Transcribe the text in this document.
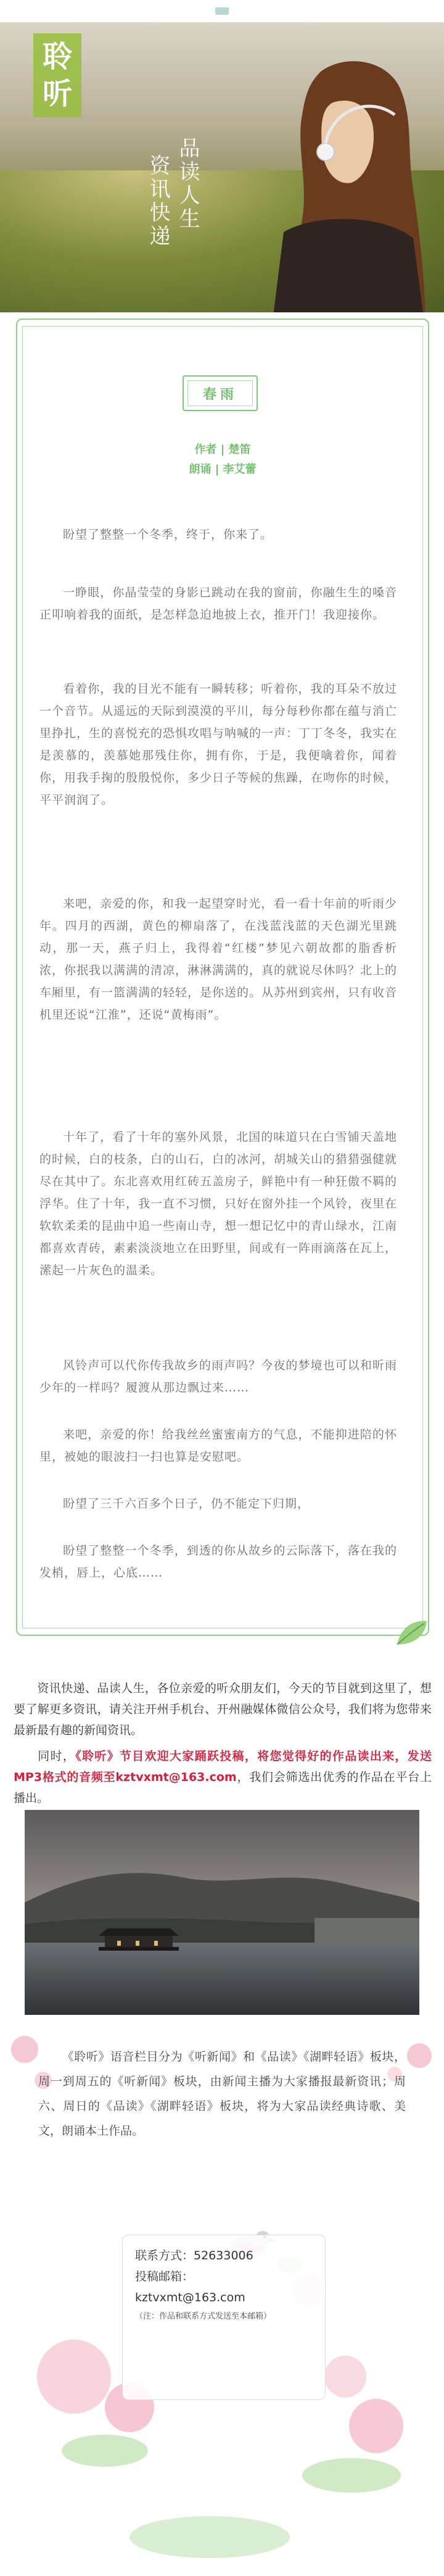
聆
听
资讯快递 品读人生
春雨
作者 | 楚笛
朗诵 | 李艾蕾

盼望了整整一个冬季，终于，你来了。

一睁眼，你晶莹莹的身影已跳动在我的窗前，你融生生的嗓音正叩响着我的面纸，是怎样急迫地披上衣，推开门！我迎接你。

看着你，我的目光不能有一瞬转移；听着你，我的耳朵不放过一个音节。从遥远的天际到漠漠的平川，每分每秒你都在蕴与消亡里挣扎，生的喜悦充的恐惧攻唱与呐喊的一声：丁丁冬冬，我实在是羡慕的，羡慕她那残住你，拥有你，于是，我便噙着你，闻着你，用我手掬的殷殷悦你，多少日子等候的焦躁，在吻你的时候，平平润润了。

来吧，亲爱的你，和我一起望穿时光，看一看十年前的听雨少年。四月的西湖，黄色的柳扇落了，在浅蓝浅蓝的天色湖光里跳动，那一天，燕子归上，我得着“红楼”梦见六朝故都的脂香析浓，你抿我以满满的清凉，淋淋满满的，真的就说尽休吗？北上的车厢里，有一篮满满的轻轻，是你送的。从苏州到宾州，只有收音机里还说“江淮”，还说“黄梅雨”。

十年了，看了十年的塞外风景，北国的味道只在白雪铺天盖地的时候，白的枝条，白的山石，白的冰河，胡城关山的猎猎强健就尽在其中了。东北喜欢用红砖五盖房子，鲜艳中有一种狂傲不羁的浮华。住了十年，我一直不习惯，只好在窗外挂一个风铃，夜里在软软柔柔的昆曲中追一些南山寺，想一想记忆中的青山绿水，江南都喜欢青砖，素素淡淡地立在田野里，间或有一阵雨滴落在瓦上，潆起一片灰色的温柔。

风铃声可以代你传我故乡的雨声吗？今夜的梦境也可以和昕雨少年的一样吗？履渡从那边飘过来……

来吧，亲爱的你！给我丝丝蜜蜜南方的气息，不能抑进陪的怀里，被她的眼波扫一扫也算是安慰吧。

盼望了三千六百多个日子，仍不能定下归期，

盼望了整整一个冬季，到透的你从故乡的云际落下，落在我的发梢，唇上，心底……

资讯快递、品读人生，各位亲爱的听众朋友们，今天的节目就到这里了，想要了解更多资讯，请关注开州手机台、开州融媒体微信公众号，我们将为您带来最新最有趣的新闻资讯。

同时，《聆听》节目欢迎大家踊跃投稿，将您觉得好的作品读出来，发送MP3格式的音频至kztvxmt@163.com，我们会筛选出优秀的作品在平台上播出。

《聆听》语音栏目分为《听新闻》和《品读》《湖畔轻语》板块，周一到周五的《听新闻》板块，由新闻主播为大家播报最新资讯；周六、周日的《品读》《湖畔轻语》板块，将为大家品读经典诗歌、美文，朗诵本土作品。

联系方式：52633006
投稿邮箱：
kztvxmt@163.com
（注：作品和联系方式发送至本邮箱）
